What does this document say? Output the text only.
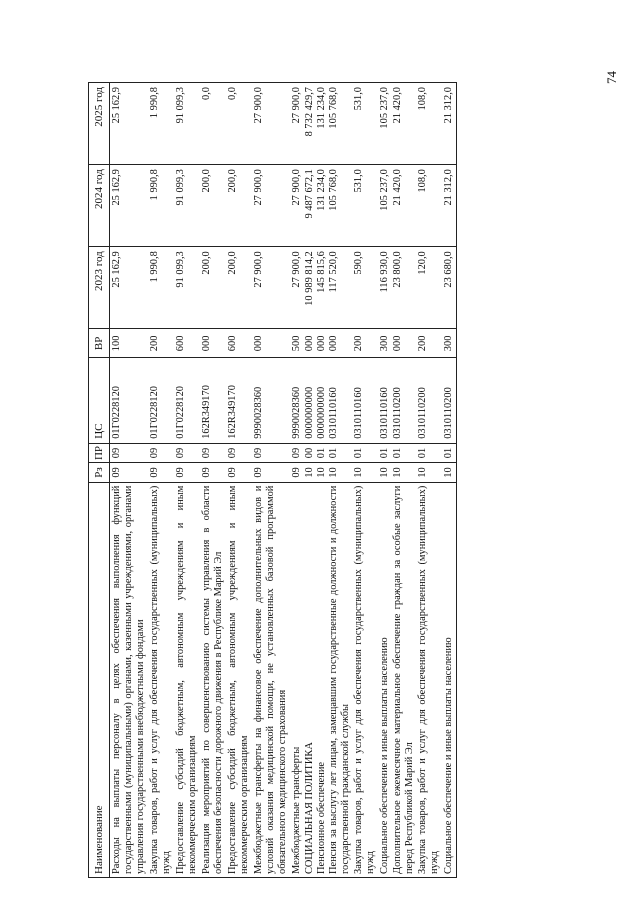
74
Наименование	Рз	ПР	ЦС	ВР	2023 год	2024 год	2025 год
Расходы на выплаты персоналу в целях обеспечения выполнения функций государственными (муниципальными) органами, казенными учреждениями, органами управления государственными внебюджетными фондами	09	09	01Г0228120	100	25 162,9	25 162,9	25 162,9
Закупка товаров, работ и услуг для обеспечения государственных (муниципальных) нужд	09	09	01Г0228120	200	1 990,8	1 990,8	1 990,8
Предоставление субсидий бюджетным, автономным учреждениям и иным некоммерческим организациям	09	09	01Г0228120	600	91 099,3	91 099,3	91 099,3
Реализация мероприятий по совершенствованию системы управления в области обеспечения безопасности дорожного движения в Республике Марий Эл	09	09	162R349170	000	200,0	200,0	0,0
Предоставление субсидий бюджетным, автономным учреждениям и иным некоммерческим организациям	09	09	162R349170	600	200,0	200,0	0,0
Межбюджетные трансферты на финансовое обеспечение дополнительных видов и условий оказания медицинской помощи, не установленных базовой программой обязательного медицинского страхования	09	09	9990028360	000	27 900,0	27 900,0	27 900,0
Межбюджетные трансферты	09	09	9990028360	500	27 900,0	27 900,0	27 900,0
СОЦИАЛЬНАЯ ПОЛИТИКА	10	00	0000000000	000	10 989 814,2	9 487 672,1	8 732 429,7
Пенсионное обеспечение	10	01	0000000000	000	145 815,6	131 234,0	131 234,0
Пенсия за выслугу лет лицам, замещавшим государственные должности и должности государственной гражданской службы	10	01	0310110160	000	117 520,0	105 768,0	105 768,0
Закупка товаров, работ и услуг для обеспечения государственных (муниципальных) нужд	10	01	0310110160	200	590,0	531,0	531,0
Социальное обеспечение и иные выплаты населению	10	01	0310110160	300	116 930,0	105 237,0	105 237,0
Дополнительное ежемесячное материальное обеспечение граждан за особые заслуги перед Республикой Марий Эл	10	01	0310110200	000	23 800,0	21 420,0	21 420,0
Закупка товаров, работ и услуг для обеспечения государственных (муниципальных) нужд	10	01	0310110200	200	120,0	108,0	108,0
Социальное обеспечение и иные выплаты населению	10	01	0310110200	300	23 680,0	21 312,0	21 312,0
